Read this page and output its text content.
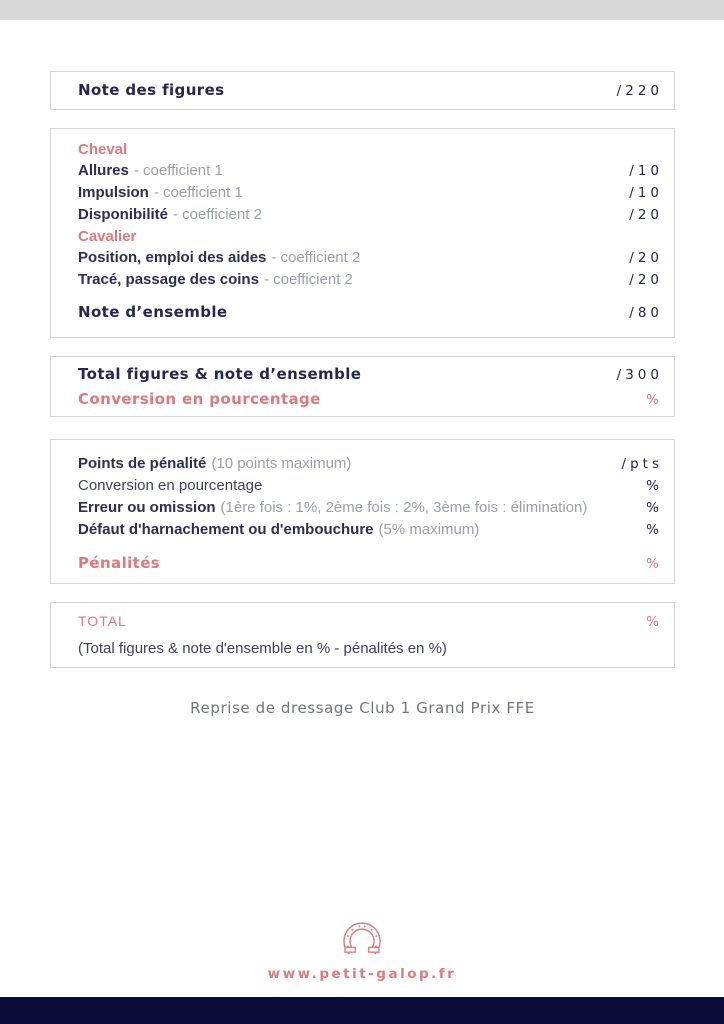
Note des figures	/220
Cheval
Allures - coefficient 1	/10
Impulsion - coefficient 1	/10
Disponibilité - coefficient 2	/20
Cavalier
Position, emploi des aides - coefficient 2	/20
Tracé, passage des coins - coefficient 2	/20
Note d’ensemble	/80
Total figures & note d’ensemble	/300
Conversion en pourcentage	%
Points de pénalité (10 points maximum)	/pts
Conversion en pourcentage	%
Erreur ou omission (1ère fois : 1%, 2ème fois : 2%, 3ème fois : élimination)	%
Défaut d'harnachement ou d'embouchure (5% maximum)	%
Pénalités	%
TOTAL	%
(Total figures & note d'ensemble en % - pénalités en %)
Reprise de dressage Club 1 Grand Prix FFE
www.petit-galop.fr
